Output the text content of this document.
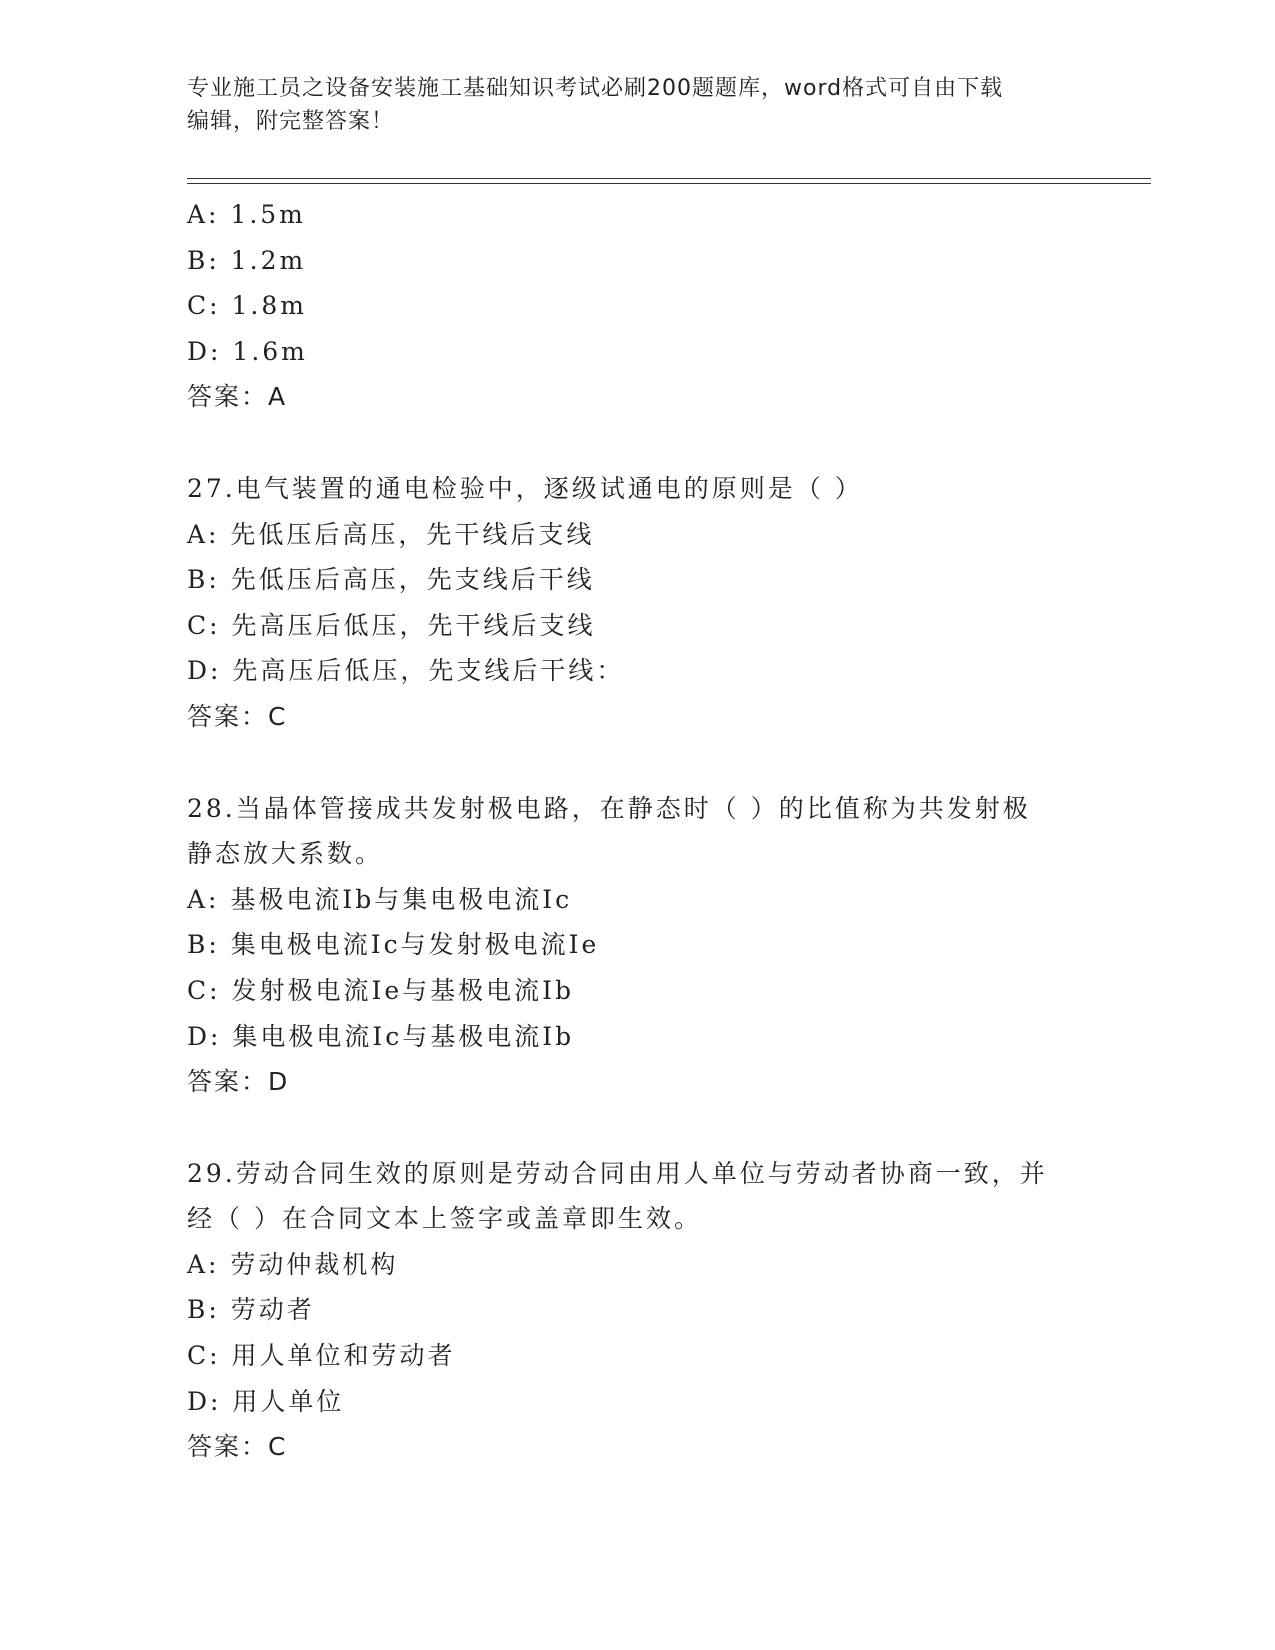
专业施工员之设备安装施工基础知识考试必刷200题题库，word格式可自由下载
编辑，附完整答案！
A: 1.5m
B: 1.2m
C: 1.8m
D: 1.6m
答案：A
27.电气装置的通电检验中，逐级试通电的原则是（ ）
A: 先低压后高压，先干线后支线
B: 先低压后高压，先支线后干线
C: 先高压后低压，先干线后支线
D: 先高压后低压，先支线后干线：
答案：C
28.当晶体管接成共发射极电路，在静态时（ ）的比值称为共发射极
静态放大系数。
A: 基极电流Ib与集电极电流Ic
B: 集电极电流Ic与发射极电流Ie
C: 发射极电流Ie与基极电流Ib
D: 集电极电流Ic与基极电流Ib
答案：D
29.劳动合同生效的原则是劳动合同由用人单位与劳动者协商一致，并
经（ ）在合同文本上签字或盖章即生效。
A: 劳动仲裁机构
B: 劳动者
C: 用人单位和劳动者
D: 用人单位
答案：C
